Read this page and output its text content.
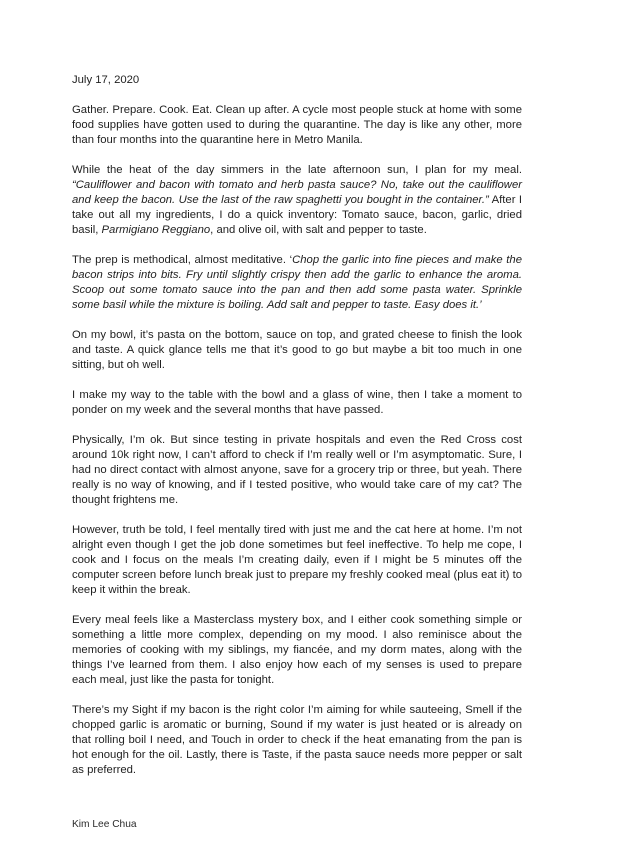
July 17, 2020

Gather. Prepare. Cook. Eat. Clean up after. A cycle most people stuck at home with some food supplies have gotten used to during the quarantine. The day is like any other, more than four months into the quarantine here in Metro Manila.

While the heat of the day simmers in the late afternoon sun, I plan for my meal. “Cauliflower and bacon with tomato and herb pasta sauce? No, take out the cauliflower and keep the bacon. Use the last of the raw spaghetti you bought in the container.” After I take out all my ingredients, I do a quick inventory: Tomato sauce, bacon, garlic, dried basil, Parmigiano Reggiano, and olive oil, with salt and pepper to taste.

The prep is methodical, almost meditative. ‘Chop the garlic into fine pieces and make the bacon strips into bits. Fry until slightly crispy then add the garlic to enhance the aroma. Scoop out some tomato sauce into the pan and then add some pasta water. Sprinkle some basil while the mixture is boiling. Add salt and pepper to taste. Easy does it.’

On my bowl, it’s pasta on the bottom, sauce on top, and grated cheese to finish the look and taste. A quick glance tells me that it’s good to go but maybe a bit too much in one sitting, but oh well.

I make my way to the table with the bowl and a glass of wine, then I take a moment to ponder on my week and the several months that have passed.

Physically, I’m ok. But since testing in private hospitals and even the Red Cross cost around 10k right now, I can’t afford to check if I’m really well or I’m asymptomatic. Sure, I had no direct contact with almost anyone, save for a grocery trip or three, but yeah. There really is no way of knowing, and if I tested positive, who would take care of my cat? The thought frightens me.

However, truth be told, I feel mentally tired with just me and the cat here at home. I’m not alright even though I get the job done sometimes but feel ineffective. To help me cope, I cook and I focus on the meals I’m creating daily, even if I might be 5 minutes off the computer screen before lunch break just to prepare my freshly cooked meal (plus eat it) to keep it within the break.

Every meal feels like a Masterclass mystery box, and I either cook something simple or something a little more complex, depending on my mood. I also reminisce about the memories of cooking with my siblings, my fiancée, and my dorm mates, along with the things I’ve learned from them. I also enjoy how each of my senses is used to prepare each meal, just like the pasta for tonight.

There’s my Sight if my bacon is the right color I’m aiming for while sauteeing, Smell if the chopped garlic is aromatic or burning, Sound if my water is just heated or is already on that rolling boil I need, and Touch in order to check if the heat emanating from the pan is hot enough for the oil. Lastly, there is Taste, if the pasta sauce needs more pepper or salt as preferred.

Kim Lee Chua
